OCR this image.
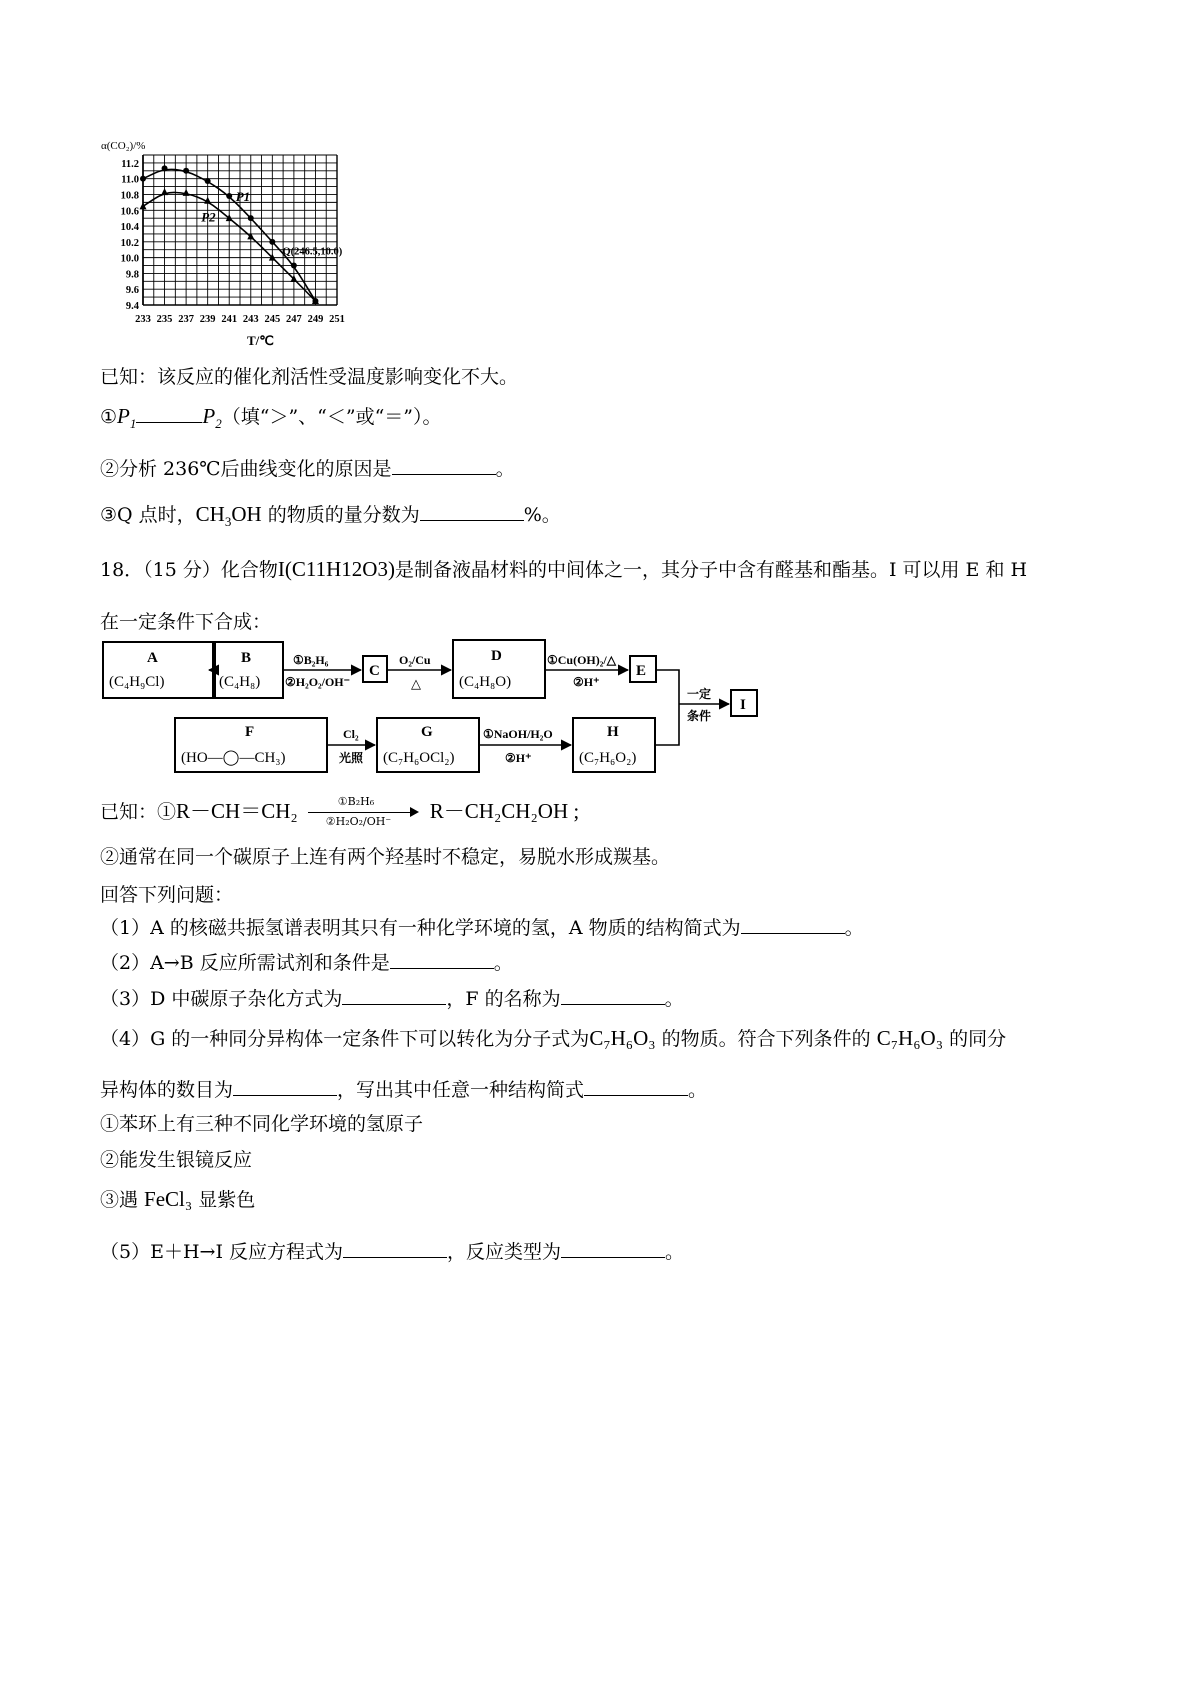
α(CO₂)/%
11.2
11.0
10.8
10.6
10.4
10.2
10.0
9.8
9.6
9.4
233 235 237 239 241 243 245 247 249 251
T/℃
Q(246.5,10.0)
P1
P2
已知：该反应的催化剂活性受温度影响变化不大。
$①P_1$	$P_2$（填“＞”、“＜”或“＝”）。
②分析 236℃后曲线变化的原因是	。
③Q 点时，$CH_3OH$ 的物质的量分数为	%。
18．（15 分）化合物I(C11H12O3)是制备液晶材料的中间体之一，其分子中含有醛基和酯基。I 可以用 E 和 H
在一定条件下合成：
A
(C₄H₉Cl)
B
(C₄H₈)
C
D
(C₄H₈O)
E
I
F
(HO—◯—CH₃)
G
(C₇H₆OCl₂)
H
(C₇H₆O₂)
①B₂H₆
②H₂O₂/OH⁻
O₂/Cu
△
①Cu(OH)₂/△
②H⁺
一定
条件
Cl₂
光照
①NaOH/H₂O
②H⁺
已知：①R－CH＝CH₂ $\frac{\text{①B₂H₆}}{\text{②H₂O₂/OH⁻}} R-CH_2CH_2OH$ ;
②通常在同一个碳原子上连有两个羟基时不稳定，易脱水形成羰基。
回答下列问题：
（1）A 的核磁共振氢谱表明其只有一种化学环境的氢，A 物质的结构简式为	。
（2）A→B 反应所需试剂和条件是	。
（3）D 中碳原子杂化方式为	，F 的名称为	。
（4）G 的一种同分异构体一定条件下可以转化为分子式为C₇H₆O₃ 的物质。符合下列条件的 C₇H₆O₃ 的同分
异构体的数目为	，写出其中任意一种结构简式	。
①苯环上有三种不同化学环境的氢原子
②能发生银镜反应
③遇 FeCl₃ 显紫色
（5）E＋H→I 反应方程式为	，反应类型为	。
